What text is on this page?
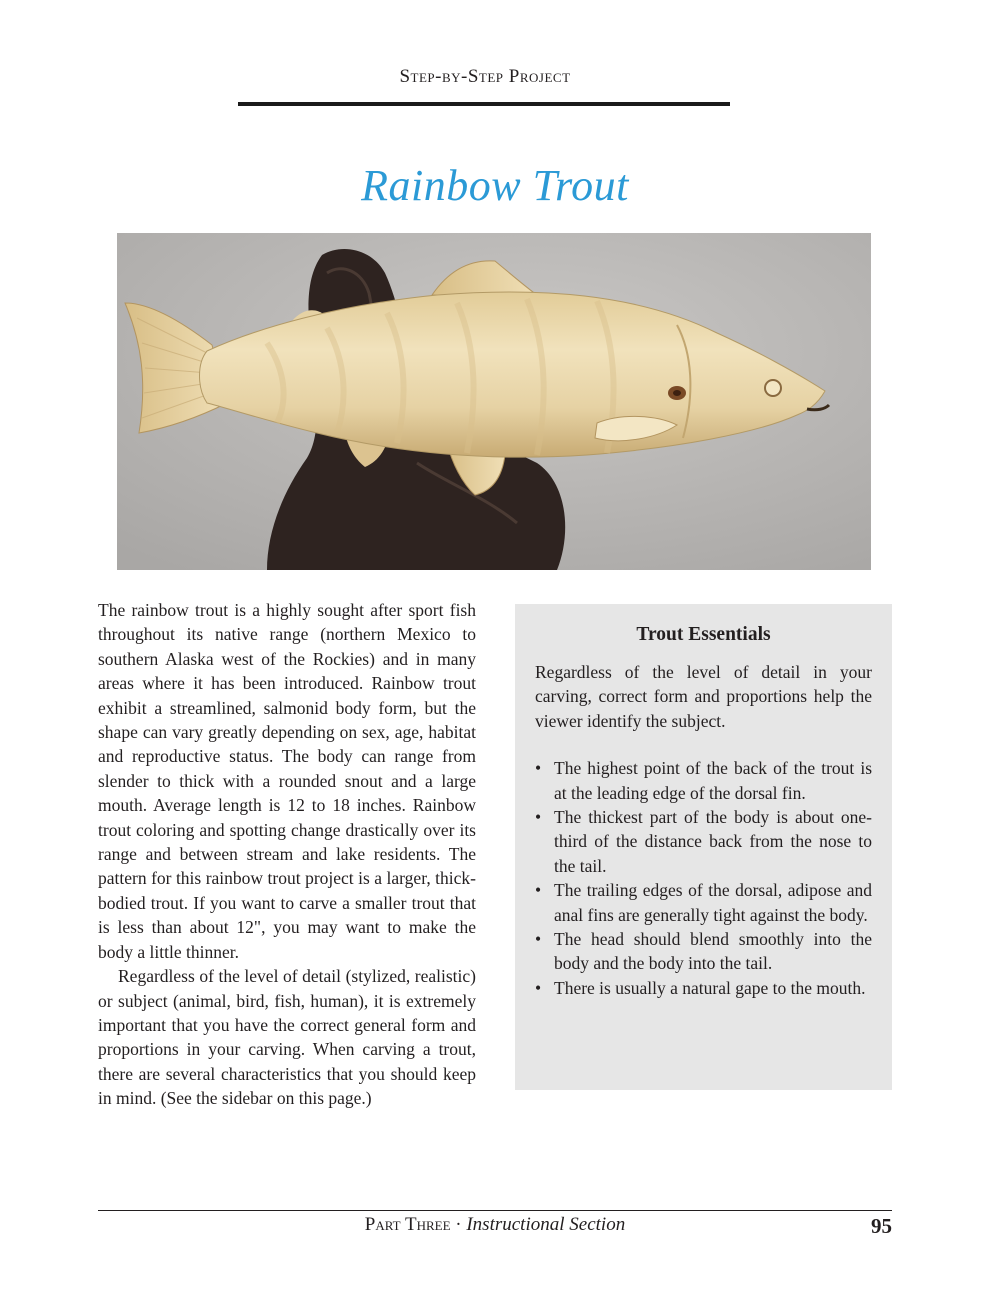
Step-by-Step Project
Rainbow Trout

The rainbow trout is a highly sought after sport fish throughout its native range (northern Mexico to southern Alaska west of the Rockies) and in many areas where it has been introduced. Rainbow trout exhibit a streamlined, salmonid body form, but the shape can vary greatly depending on sex, age, habitat and reproductive status. The body can range from slender to thick with a rounded snout and a large mouth. Average length is 12 to 18 inches. Rainbow trout coloring and spotting change drastically over its range and between stream and lake residents. The pattern for this rainbow trout project is a larger, thick-bodied trout. If you want to carve a smaller trout that is less than about 12", you may want to make the body a little thinner.

Regardless of the level of detail (stylized, realistic) or subject (animal, bird, fish, human), it is extremely important that you have the correct general form and proportions in your carving. When carving a trout, there are several characteristics that you should keep in mind. (See the sidebar on this page.)

Trout Essentials

Regardless of the level of detail in your carving, correct form and proportions help the viewer identify the subject.

• The highest point of the back of the trout is at the leading edge of the dorsal fin.
• The thickest part of the body is about one-third of the distance back from the nose to the tail.
• The trailing edges of the dorsal, adipose and anal fins are generally tight against the body.
• The head should blend smoothly into the body and the body into the tail.
• There is usually a natural gape to the mouth.
Part Three · Instructional Section	95
